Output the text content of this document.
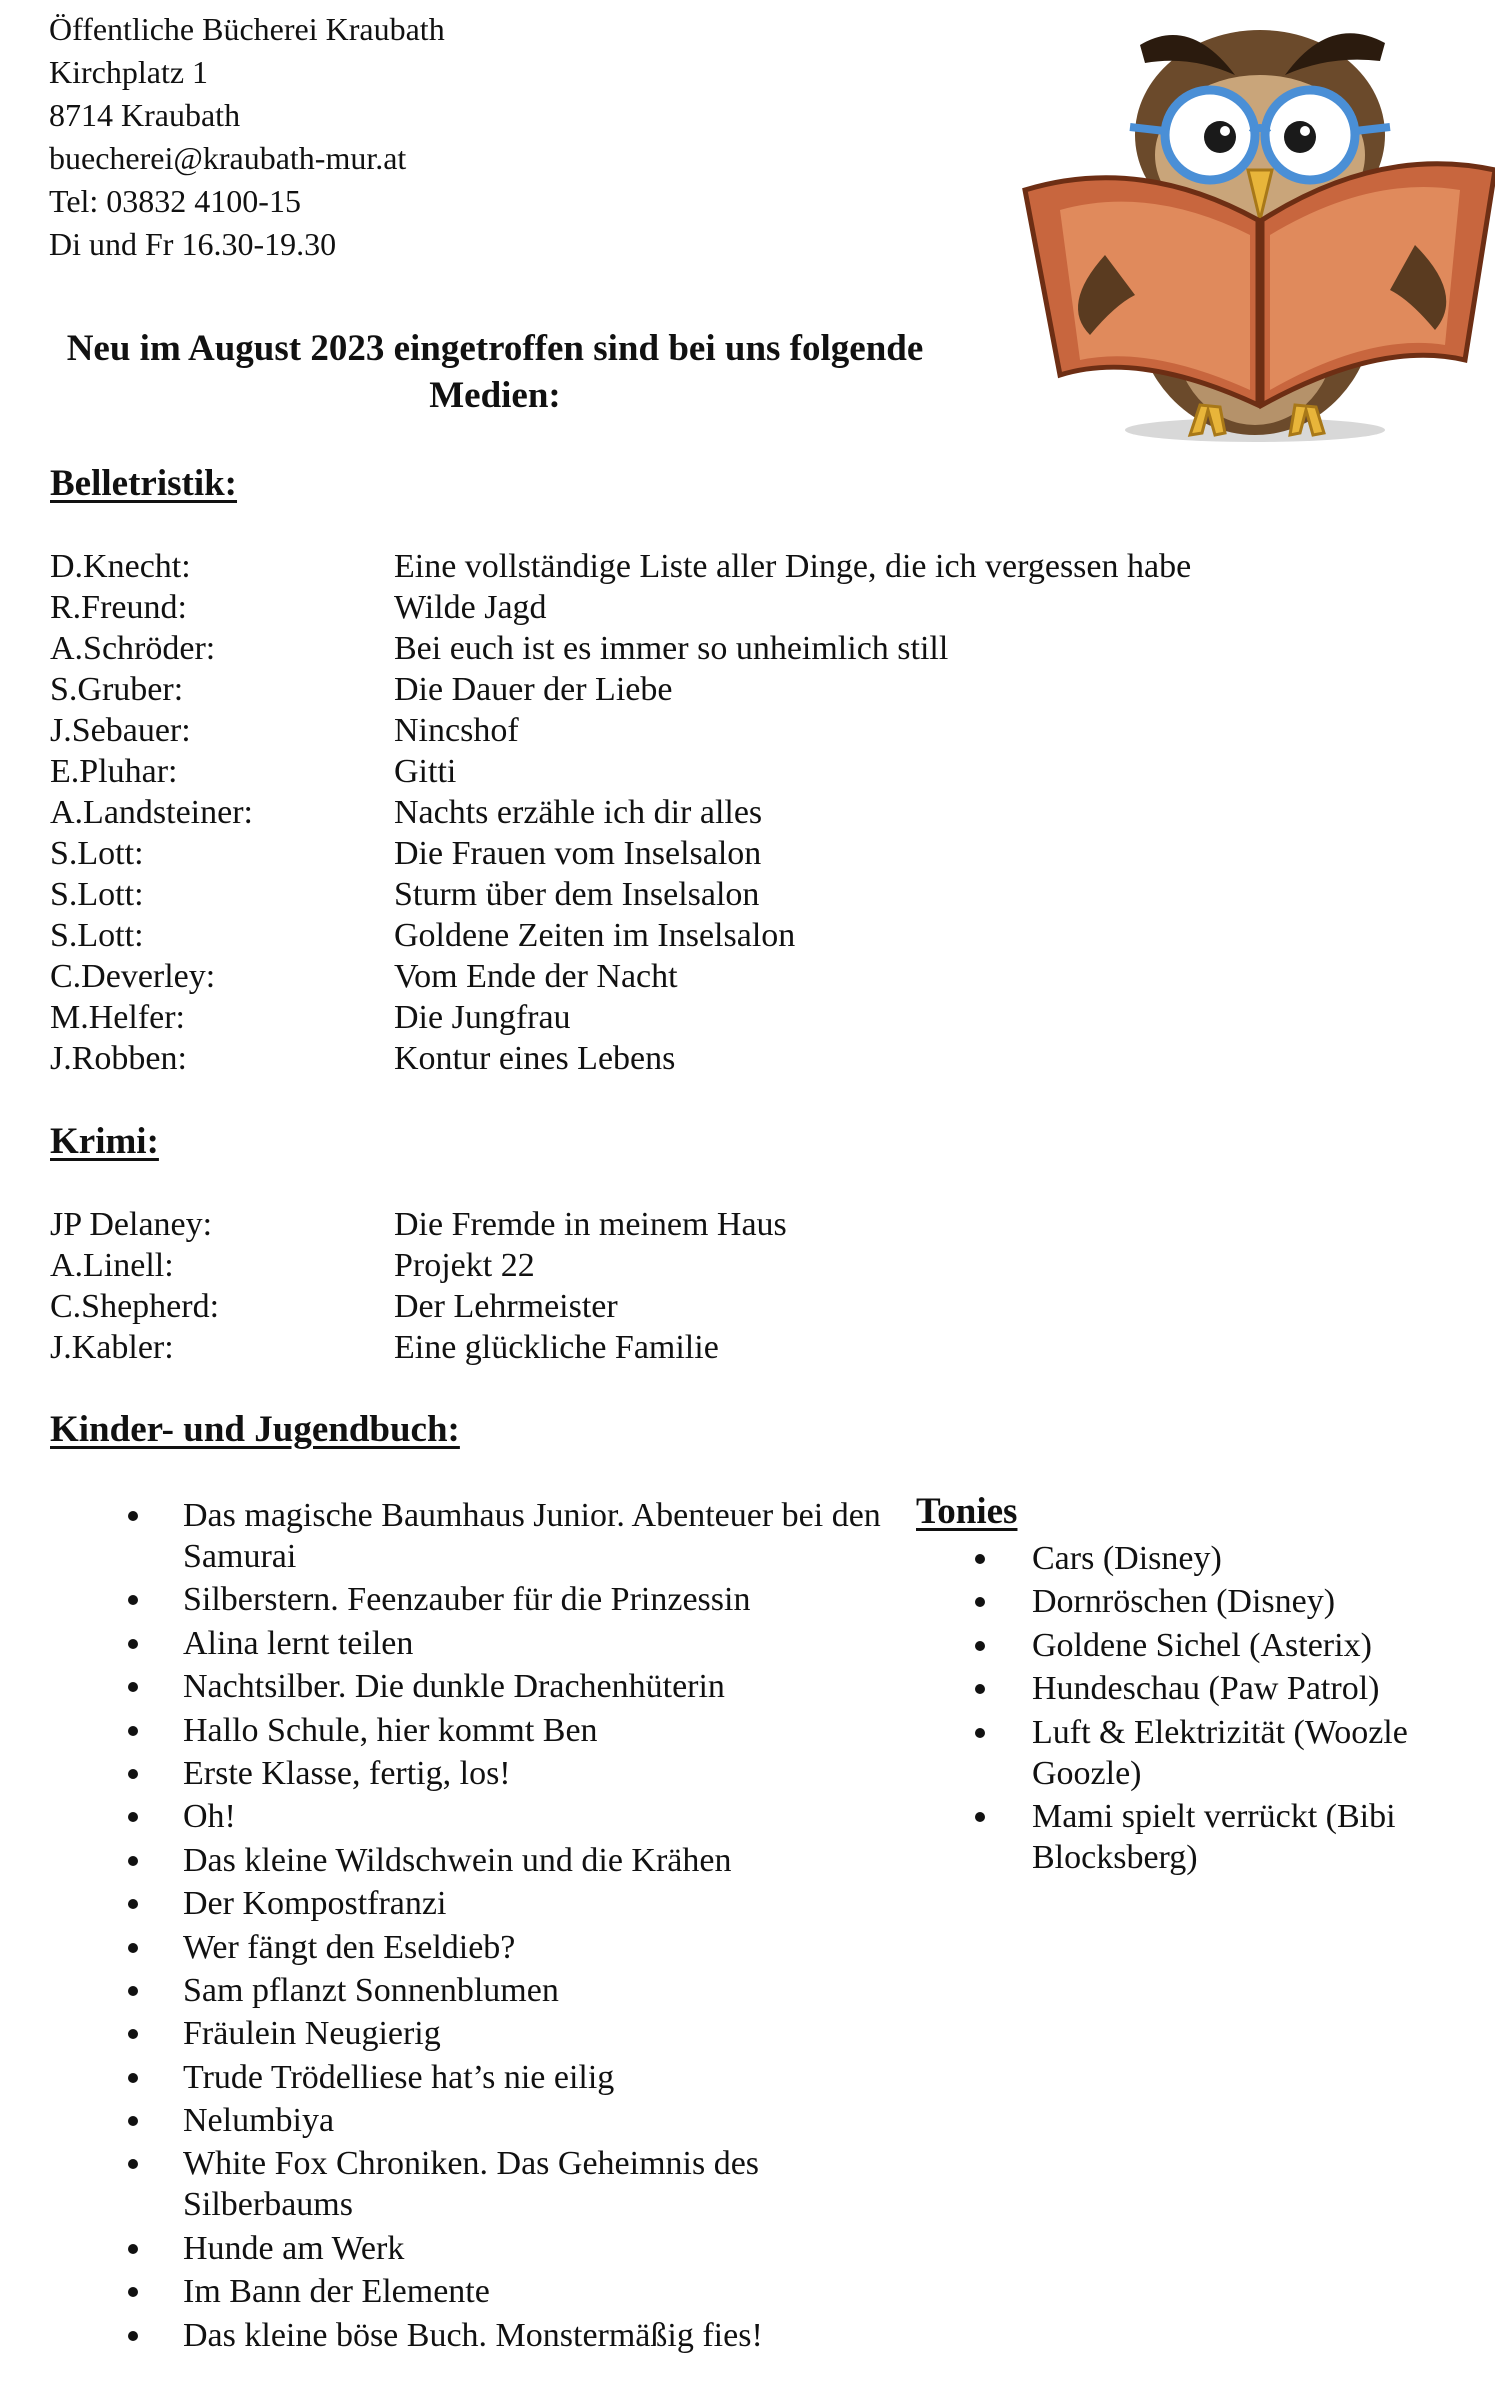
Öffentliche Bücherei Kraubath
Kirchplatz 1
8714 Kraubath
buecherei@kraubath-mur.at
Tel: 03832 4100-15
Di und Fr 16.30-19.30
Neu im August 2023 eingetroffen sind bei uns folgende
Medien:
Belletristik:
D.Knecht:	Eine vollständige Liste aller Dinge, die ich vergessen habe
R.Freund:	Wilde Jagd
A.Schröder:	Bei euch ist es immer so unheimlich still
S.Gruber:	Die Dauer der Liebe
J.Sebauer:	Nincshof
E.Pluhar:	Gitti
A.Landsteiner:	Nachts erzähle ich dir alles
S.Lott:	Die Frauen vom Inselsalon
S.Lott:	Sturm über dem Inselsalon
S.Lott:	Goldene Zeiten im Inselsalon
C.Deverley:	Vom Ende der Nacht
M.Helfer:	Die Jungfrau
J.Robben:	Kontur eines Lebens
Krimi:
JP Delaney:	Die Fremde in meinem Haus
A.Linell:	Projekt 22
C.Shepherd:	Der Lehrmeister
J.Kabler:	Eine glückliche Familie
Kinder- und Jugendbuch:
Das magische Baumhaus Junior. Abenteuer bei den Samurai
Silberstern. Feenzauber für die Prinzessin
Alina lernt teilen
Nachtsilber. Die dunkle Drachenhüterin
Hallo Schule, hier kommt Ben
Erste Klasse, fertig, los!
Oh!
Das kleine Wildschwein und die Krähen
Der Kompostfranzi
Wer fängt den Eseldieb?
Sam pflanzt Sonnenblumen
Fräulein Neugierig
Trude Trödelliese hat’s nie eilig
Nelumbiya
White Fox Chroniken. Das Geheimnis des Silberbaums
Hunde am Werk
Im Bann der Elemente
Das kleine böse Buch. Monstermäßig fies!
Tonies
Cars (Disney)
Dornröschen (Disney)
Goldene Sichel (Asterix)
Hundeschau (Paw Patrol)
Luft & Elektrizität (Woozle Goozle)
Mami spielt verrückt (Bibi Blocksberg)
